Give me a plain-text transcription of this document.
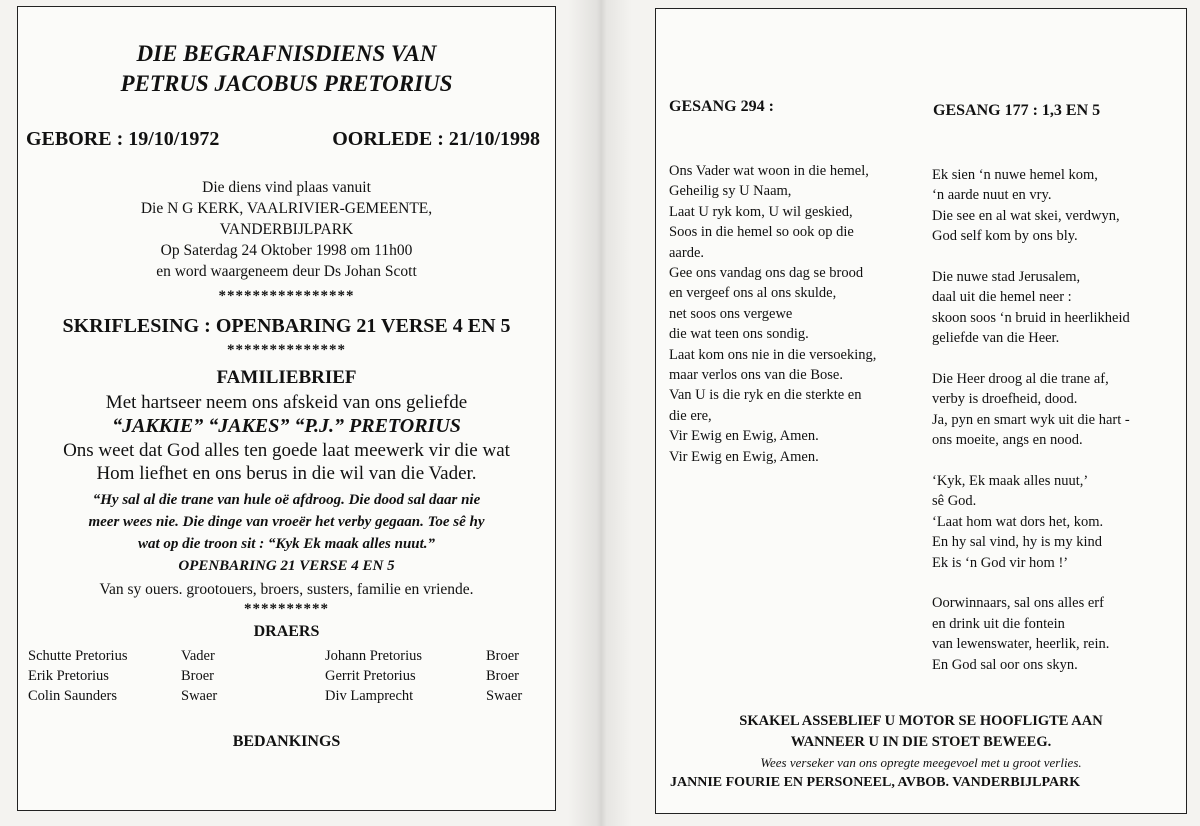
DIE BEGRAFNISDIENS VAN
PETRUS JACOBUS PRETORIUS
GEBORE : 19/10/1972	OORLEDE : 21/10/1998
Die diens vind plaas vanuit
Die N G KERK, VAALRIVIER-GEMEENTE,
VANDERBIJLPARK
Op Saterdag 24 Oktober 1998 om 11h00
en word waargeneem deur Ds Johan Scott
****************
SKRIFLESING : OPENBARING 21 VERSE 4 EN 5
**************
FAMILIEBRIEF
Met hartseer neem ons afskeid van ons geliefde
“JAKKIE” “JAKES” “P.J.” PRETORIUS
Ons weet dat God alles ten goede laat meewerk vir die wat
Hom liefhet en ons berus in die wil van die Vader.
“Hy sal al die trane van hule oë afdroog. Die dood sal daar nie
meer wees nie. Die dinge van vroeër het verby gegaan. Toe sê hy
wat op die troon sit : “Kyk Ek maak alles nuut.”
OPENBARING 21 VERSE 4 EN 5
Van sy ouers. grootouers, broers, susters, familie en vriende.
**********
DRAERS
Schutte Pretorius	Vader	Johann Pretorius	Broer
Erik Pretorius	Broer	Gerrit Pretorius	Broer
Colin Saunders	Swaer	Div Lamprecht	Swaer
BEDANKINGS
GESANG 294 :	GESANG 177 : 1,3 EN 5
Ons Vader wat woon in die hemel,
Geheilig sy U Naam,
Laat U ryk kom, U wil geskied,
Soos in die hemel so ook op die
aarde.
Gee ons vandag ons dag se brood
en vergeef ons al ons skulde,
net soos ons vergewe
die wat teen ons sondig.
Laat kom ons nie in die versoeking,
maar verlos ons van die Bose.
Van U is die ryk en die sterkte en
die ere,
Vir Ewig en Ewig, Amen.
Vir Ewig en Ewig, Amen.
Ek sien ‘n nuwe hemel kom,
‘n aarde nuut en vry.
Die see en al wat skei, verdwyn,
God self kom by ons bly.
Die nuwe stad Jerusalem,
daal uit die hemel neer :
skoon soos ‘n bruid in heerlikheid
geliefde van die Heer.
Die Heer droog al die trane af,
verby is droefheid, dood.
Ja, pyn en smart wyk uit die hart -
ons moeite, angs en nood.
‘Kyk, Ek maak alles nuut,’
sê God.
‘Laat hom wat dors het, kom.
En hy sal vind, hy is my kind
Ek is ‘n God vir hom !’
Oorwinnaars, sal ons alles erf
en drink uit die fontein
van lewenswater, heerlik, rein.
En God sal oor ons skyn.
SKAKEL ASSEBLIEF U MOTOR SE HOOFLIGTE AAN
WANNEER U IN DIE STOET BEWEEG.
Wees verseker van ons opregte meegevoel met u groot verlies.
JANNIE FOURIE EN PERSONEEL, AVBOB. VANDERBIJLPARK
